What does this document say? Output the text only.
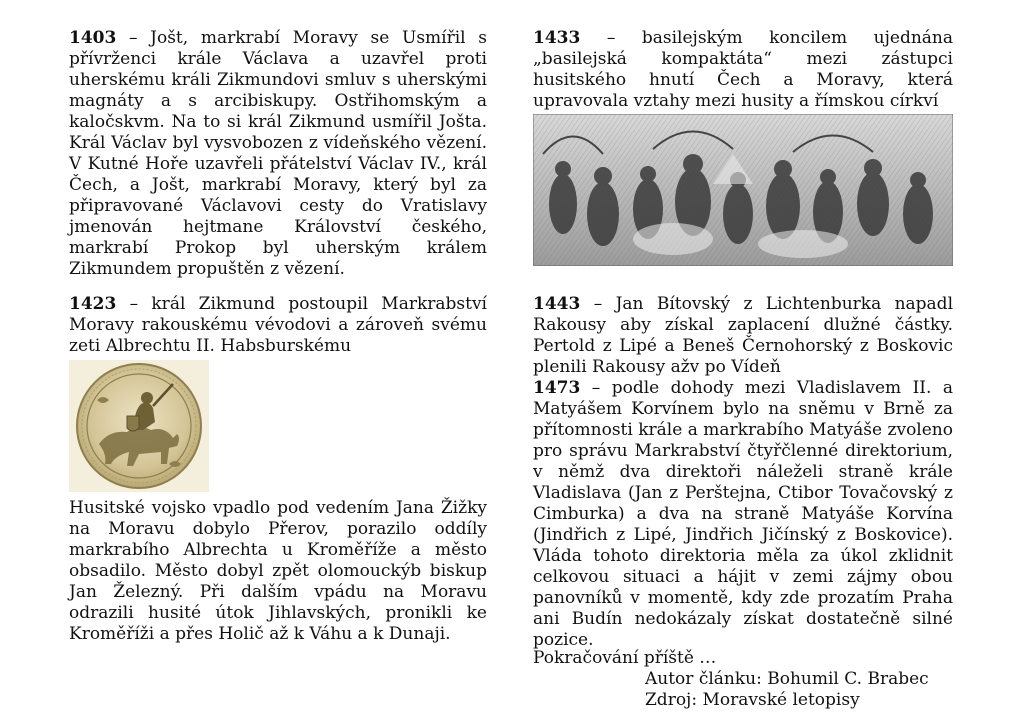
1403 – Jošt, markrabí Moravy se Usmířil s přívrženci krále Václava a uzavřel proti uherskému králi Zikmundovi smluv s uherskými magnáty a s arcibiskupy. Ostřihomským a kaločskvm. Na to si král Zikmund usmířil Jošta. Král Václav byl vysvobozen z vídeňského vězení. V Kutné Hoře uzavřeli přátelství Václav IV., král Čech, a Jošt, markrabí Moravy, který byl za připravované Václavovi cesty do Vratislavy jmenován hejtmane Království českého, markrabí Prokop byl uherským králem Zikmundem propuštěn z vězení.

1423 – král Zikmund postoupil Markrabství Moravy rakouskému vévodovi a zároveň svému zeti Albrechtu II. Habsburskému

Husitské vojsko vpadlo pod vedením Jana Žižky na Moravu dobylo Přerov, porazilo oddíly markrabího Albrechta u Kroměříže a město obsadilo. Město dobyl zpět olomouckýb biskup Jan Železný. Při dalším vpádu na Moravu odrazili husité útok Jihlavských, pronikli ke Kroměříži a přes Holič až k Váhu a k Dunaji.

1433 – basilejským koncilem ujednána „basilejská kompaktáta“ mezi zástupci husitského hnutí Čech a Moravy, která upravovala vztahy mezi husity a římskou církví

1443 – Jan Bítovský z Lichtenburka napadl Rakousy aby získal zaplacení dlužné částky. Pertold z Lipé a Beneš Černohorský z Boskovic plenili Rakousy ažv po Vídeň

1473 – podle dohody mezi Vladislavem II. a Matyášem Korvínem bylo na sněmu v Brně za přítomnosti krále a markrabího Matyáše zvoleno pro správu Markrabství čtyřčlenné direktorium, v němž dva direktoři náleželi straně krále Vladislava (Jan z Perštejna, Ctibor Tovačovský z Cimburka) a dva na straně Matyáše Korvína (Jindřich z Lipé, Jindřich Jičínský z Boskovice). Vláda tohoto direktoria měla za úkol zklidnit celkovou situaci a hájit v zemi zájmy obou panovníků v momentě, kdy zde prozatím Praha ani Budín nedokázaly získat dostatečně silné pozice.

Pokračování příště …

Autor článku: Bohumil C. Brabec

Zdroj: Moravské letopisy
